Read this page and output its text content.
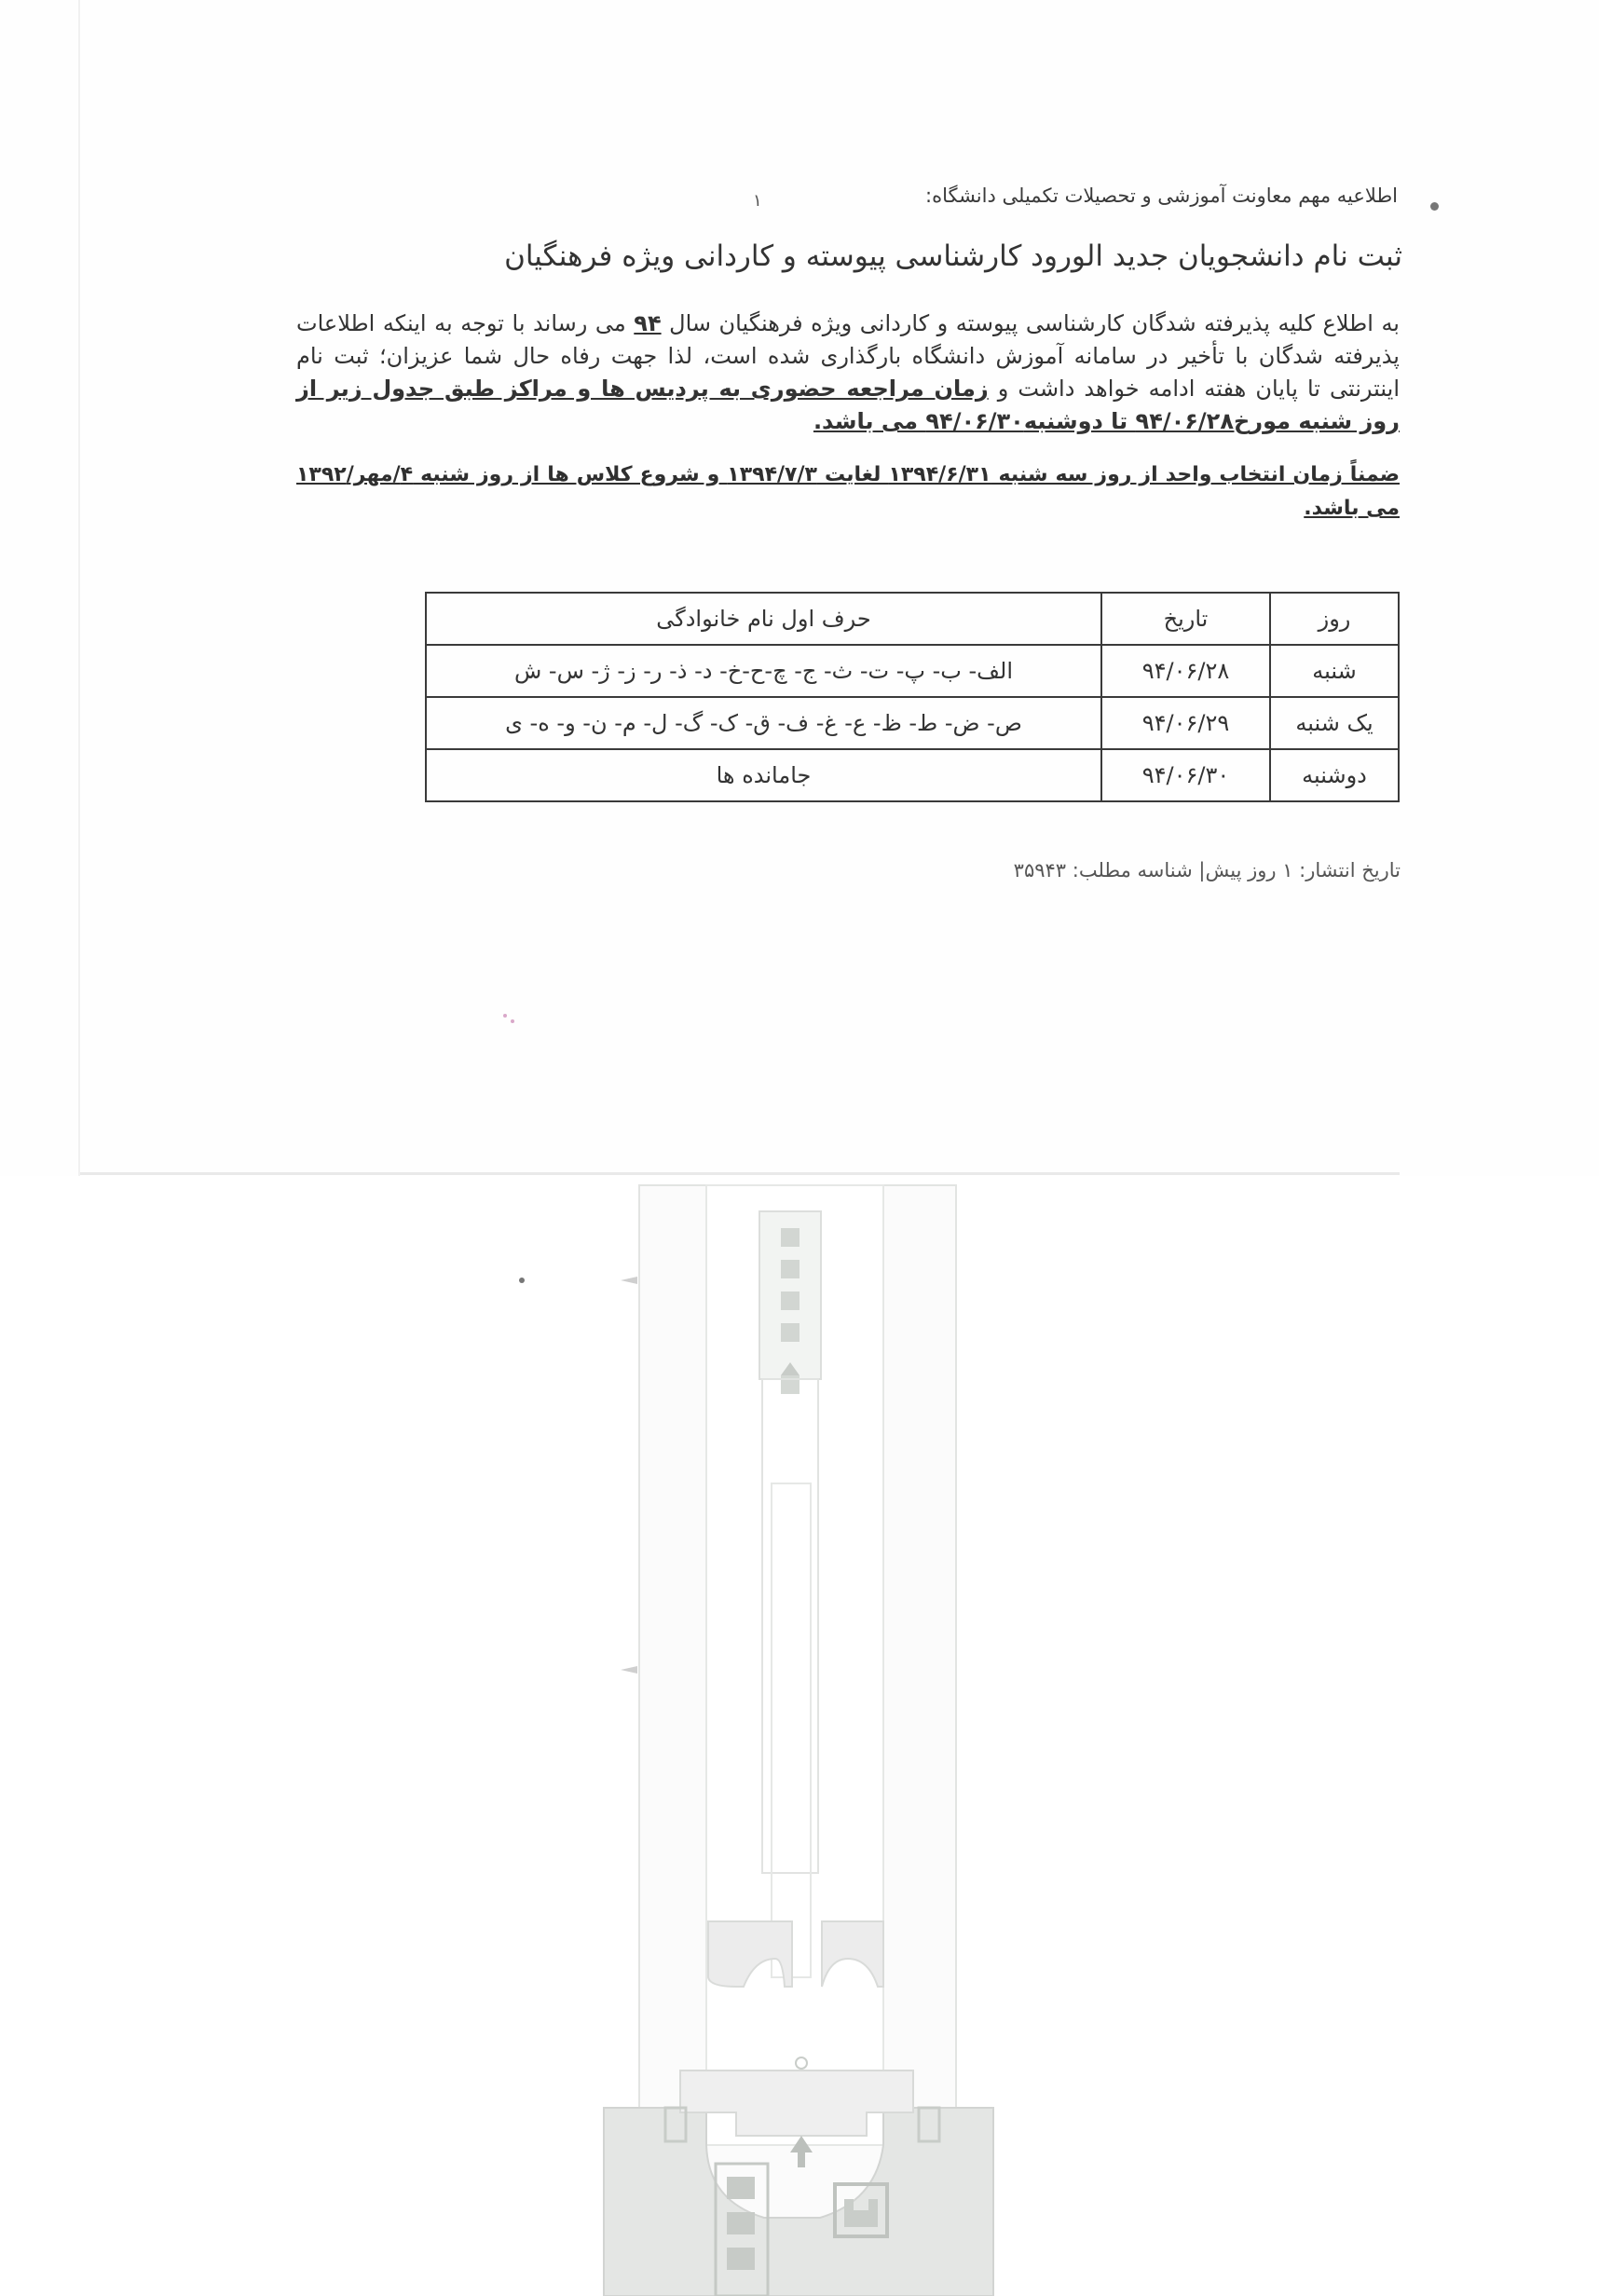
اطلاعیه مهم معاونت آموزشی و تحصیلات تکمیلی دانشگاه:
۱
ثبت نام دانشجویان جدید الورود کارشناسی پیوسته و کاردانی ویژه فرهنگیان
به اطلاع کلیه پذیرفته شدگان کارشناسی پیوسته و کاردانی ویژه فرهنگیان سال ۹۴ می رساند با توجه به اینکه اطلاعات پذیرفته شدگان با تأخیر در سامانه آموزش دانشگاه بارگذاری شده است، لذا جهت رفاه حال شما عزیزان؛ ثبت نام اینترنتی تا پایان هفته ادامه خواهد داشت و زمان مراجعه حضوری به پردیس ها و مراکز طبق جدول زیر از روز شنبه مورخ۹۴/۰۶/۲۸ تا دوشنبه۹۴/۰۶/۳۰ می باشد.
ضمناً زمان انتخاب واحد از روز سه شنبه ۱۳۹۴/۶/۳۱ لغایت ۱۳۹۴/۷/۳ و شروع کلاس ها از روز شنبه ۴/مهر/۱۳۹۲ می باشد.
روز	تاریخ	حرف اول نام خانوادگی
شنبه	۹۴/۰۶/۲۸	الف- ب- پ- ت- ث- ج- چ-ح-خ- د- ذ- ر- ز- ژ- س- ش
یک شنبه	۹۴/۰۶/۲۹	ص- ض- ط- ظ- ع- غ- ف- ق- ک- گ- ل- م- ن- و- ه- ی
دوشنبه	۹۴/۰۶/۳۰	جامانده ها
تاریخ انتشار: ۱ روز پیش| شناسه مطلب: ۳۵۹۴۳
